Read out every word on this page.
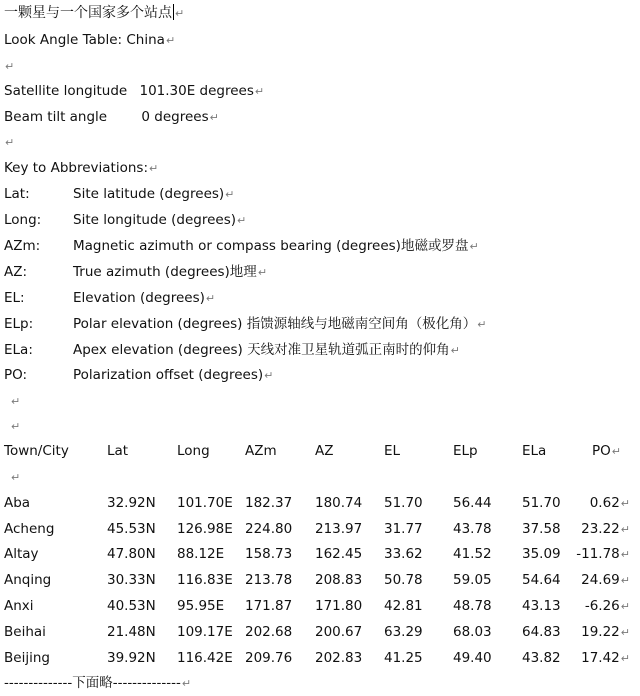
一颗星与一个国家多个站点 ↵
Look Angle Table: China↵
↵
Satellite longitude 101.30E degrees↵
Beam tilt angle	0 degrees↵
↵
Key to Abbreviations:↵
Lat:	Site latitude (degrees)↵
Long: Site longitude (degrees)↵
AZm: Magnetic azimuth or compass bearing (degrees)地磁或罗盘↵
AZ:	True azimuth (degrees)地理↵
EL:	Elevation (degrees)↵
ELp:	Polar elevation (degrees) 指馈源轴线与地磁南空间角（极化角）↵
ELa:	Apex elevation (degrees) 天线对准卫星轨道弧正南时的仰角↵
PO:	Polarization offset (degrees)↵
↵
↵
Town/City	Lat	Long	AZm	AZ	EL	ELp	ELa	PO↵
↵
Aba	32.92N 101.70E 182.37 180.74 51.70 56.44 51.70 0.62↵
Acheng	45.53N 126.98E 224.80 213.97 31.77 43.78 37.58 23.22↵
Altay	47.80N 88.12E 158.73 162.45 33.62 41.52 35.09 -11.78↵
Anqing	30.33N 116.83E 213.78 208.83 50.78 59.05 54.64 24.69↵
Anxi	40.53N 95.95E 171.87 171.80 42.81 48.78 43.13 -6.26↵
Beihai	21.48N 109.17E 202.68 200.67 63.29 68.03 64.83 19.22↵
Beijing	39.92N 116.42E 209.76 202.83 41.25 49.40 43.82 17.42↵
--------------下面略--------------↵
